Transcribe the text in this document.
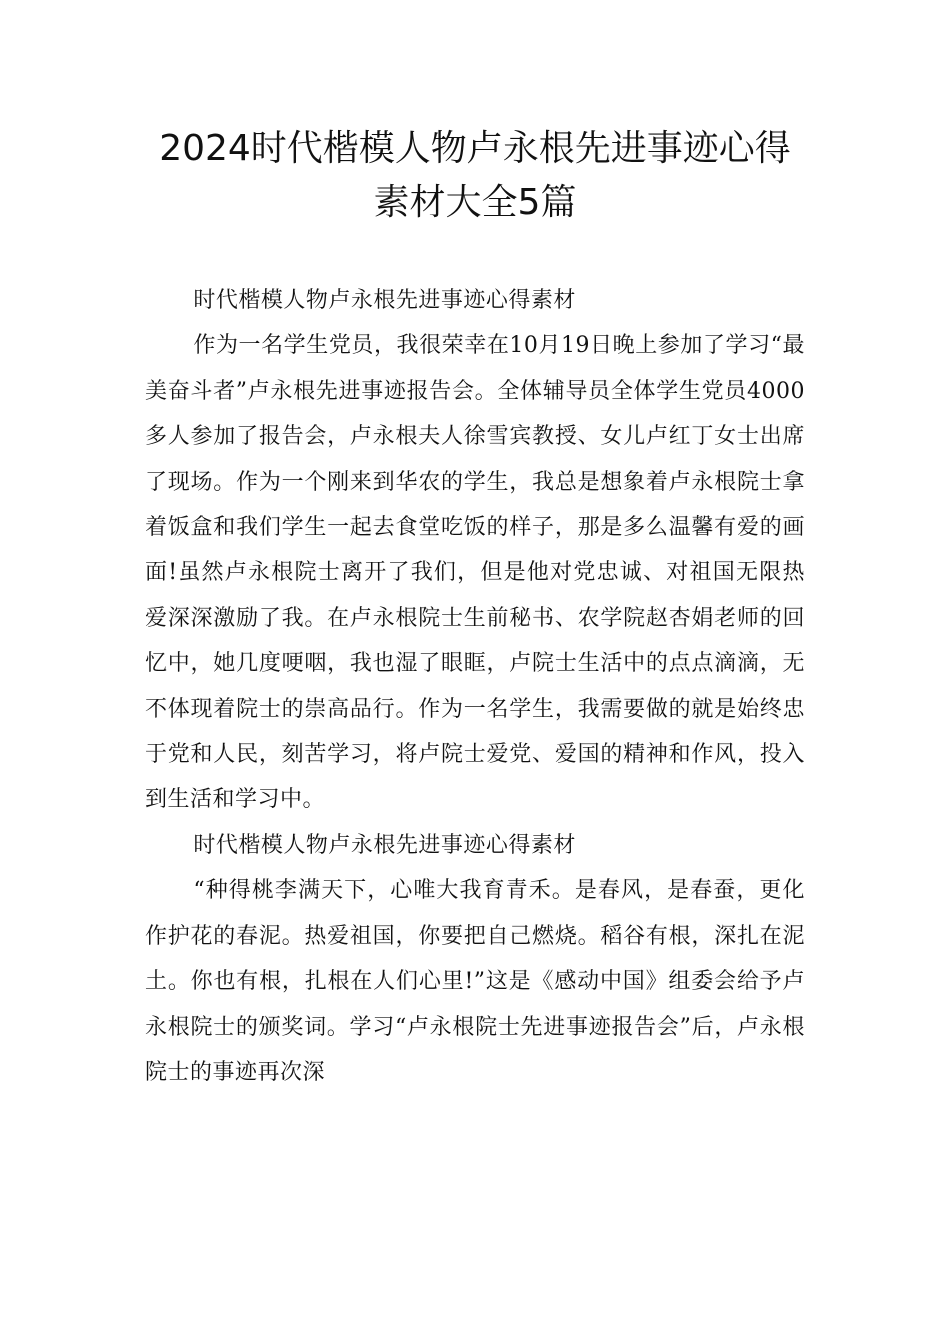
2024时代楷模人物卢永根先进事迹心得
素材大全5篇

时代楷模人物卢永根先进事迹心得素材

作为一名学生党员，我很荣幸在10月19日晚上参加了学习“最美奋斗者”卢永根先进事迹报告会。全体辅导员全体学生党员4000多人参加了报告会，卢永根夫人徐雪宾教授、女儿卢红丁女士出席了现场。作为一个刚来到华农的学生，我总是想象着卢永根院士拿着饭盒和我们学生一起去食堂吃饭的样子，那是多么温馨有爱的画面!虽然卢永根院士离开了我们，但是他对党忠诚、对祖国无限热爱深深激励了我。在卢永根院士生前秘书、农学院赵杏娟老师的回忆中，她几度哽咽，我也湿了眼眶，卢院士生活中的点点滴滴，无不体现着院士的崇高品行。作为一名学生，我需要做的就是始终忠于党和人民，刻苦学习，将卢院士爱党、爱国的精神和作风，投入到生活和学习中。

时代楷模人物卢永根先进事迹心得素材

“种得桃李满天下，心唯大我育青禾。是春风，是春蚕，更化作护花的春泥。热爱祖国，你要把自己燃烧。稻谷有根，深扎在泥土。你也有根，扎根在人们心里!”这是《感动中国》组委会给予卢永根院士的颁奖词。学习“卢永根院士先进事迹报告会”后，卢永根院士的事迹再次深
